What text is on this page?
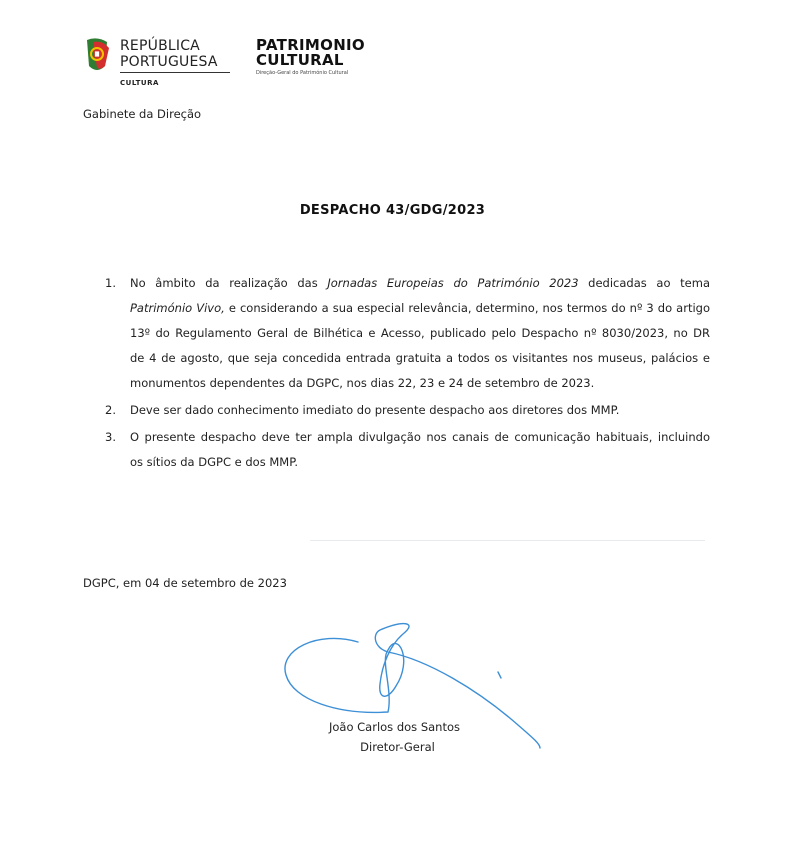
REPÚBLICA
PORTUGUESA
CULTURA
PATRIMONIO
CULTURAL
Direção-Geral do Património Cultural
Gabinete da Direção
DESPACHO 43/GDG/2023
1. No âmbito da realização das Jornadas Europeias do Património 2023 dedicadas ao tema
Património Vivo, e considerando a sua especial relevância, determino, nos termos do nº 3 do artigo
13º do Regulamento Geral de Bilhética e Acesso, publicado pelo Despacho nº 8030/2023, no DR
de 4 de agosto, que seja concedida entrada gratuita a todos os visitantes nos museus, palácios e
monumentos dependentes da DGPC, nos dias 22, 23 e 24 de setembro de 2023.
2. Deve ser dado conhecimento imediato do presente despacho aos diretores dos MMP.
3. O presente despacho deve ter ampla divulgação nos canais de comunicação habituais, incluindo
os sítios da DGPC e dos MMP.
DGPC, em 04 de setembro de 2023
João Carlos dos Santos
Diretor-Geral
